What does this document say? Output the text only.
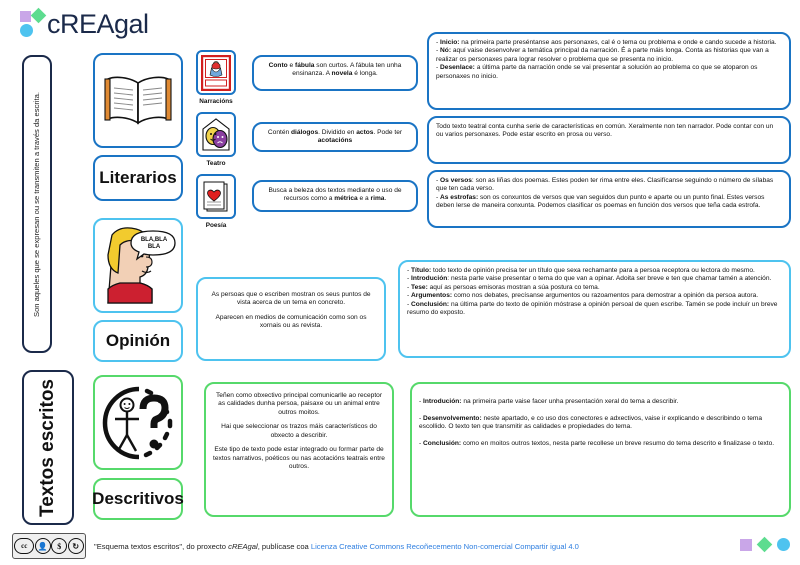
cREAgal
Son aqueles que se expresan ou se transmiten a través da escrita.
Textos escritos
Literarios
Narracións
Teatro
Poesía
Conto e fábula son curtos. A fábula ten unha ensinanza. A novela é longa.
Contén diálogos. Dividido en actos. Pode ter acotacións
Busca a beleza dos textos mediante o uso de recursos como a métrica e a rima.
- Inicio: na primeira parte preséntanse aos personaxes, cal é o tema ou problema e onde e cando sucede a historia.
- Nó: aquí vaise desenvolver a temática principal da narración. É a parte máis longa. Conta as historias que van a realizar os personaxes para lograr resolver o problema que se presenta no inicio.
- Desenlace: a última parte da narración onde se vai presentar a solución ao problema co que se atoparon os personaxes no inicio.
Todo texto teatral conta cunha serie de características en común. Xeralmente non ten narrador. Pode contar con un ou varios personaxes. Pode estar escrito en prosa ou verso.
- Os versos: son as liñas dos poemas. Estes poden ter rima entre eles. Clasifícanse seguindo o número de sílabas que ten cada verso.
- As estrofas: son os conxuntos de versos que van seguidos dun punto e aparte ou un punto final. Estes versos deben lerse de maneira conxunta. Podemos clasificar os poemas en función dos versos que teña cada estrofa.
BLA,BLA
BLA
Opinión
As persoas que o escriben mostran os seus puntos de vista acerca de un tema en concreto.
Aparecen en medios de comunicación como son os xornais ou as revista.
- Título: todo texto de opinión precisa ter un título que sexa rechamante para a persoa receptora ou lectora do mesmo.
- Introdución: nesta parte vaise presentar o tema do que van a opinar. Adoita ser breve e ten que chamar tamén a atención.
- Tese: aquí as persoas emisoras mostran a súa postura co tema.
- Argumentos: como nos debates, precísanse argumentos ou razoamentos para demostrar a opinión da persoa autora.
- Conclusión: na última parte do texto de opinión móstrase a opinión persoal de quen escribe. Tamén se pode incluír un breve resumo do exposto.
Descritivos
Teñen como obxectivo principal comunicarlle ao receptor as calidades dunha persoa, paisaxe ou un animal entre outros moitos.
Hai que seleccionar os trazos máis característicos do obxecto a describir.
Este tipo de texto pode estar integrado ou formar parte de textos narrativos, poéticos ou nas acotacións teatrais entre outros.
- Introdución: na primeira parte vaise facer unha presentación xeral do tema a describir.

- Desenvolvemento: neste apartado, e co uso dos conectores e adxectivos, vaise ir explicando e describindo o tema escollido. O texto ten que transmitir as calidades e propiedades do tema.

- Conclusión: como en moitos outros textos, nesta parte recollese un breve resumo do tema descrito e finalizase o texto.
cc	👤	$	↻	"Esquema textos escritos", do proxecto cREAgal, publícase coa Licenza Creative Commons Recoñecemento Non-comercial Compartir igual 4.0
